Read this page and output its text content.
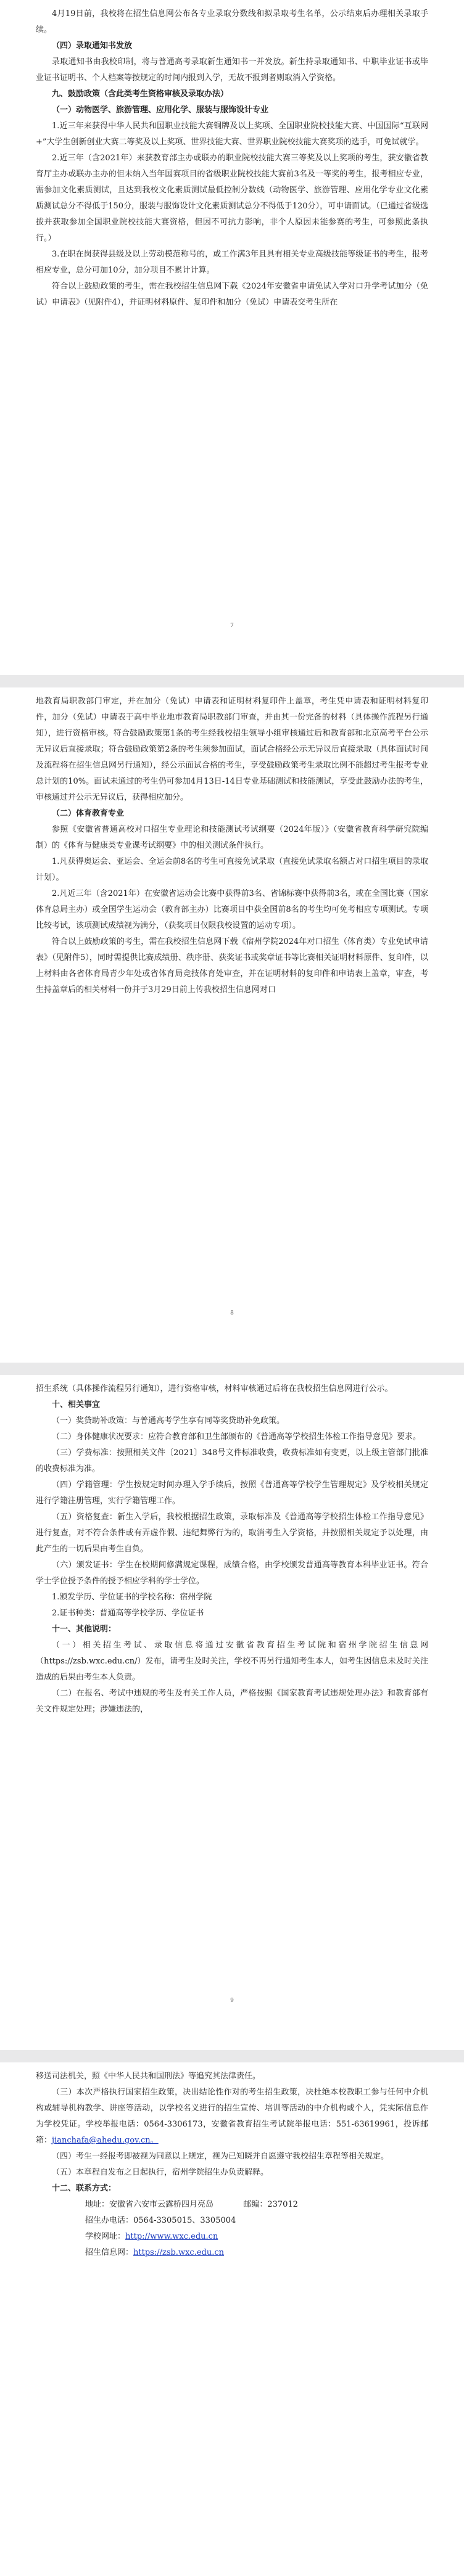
4月19日前，我校将在招生信息网公布各专业录取分数线和拟录取考生名单，公示结束后办理相关录取手续。

（四）录取通知书发放

录取通知书由我校印制，将与普通高考录取新生通知书一并发放。新生持录取通知书、中职毕业证书或毕业证书证明书、个人档案等按规定的时间内报到入学，无故不报到者则取消入学资格。

九、鼓励政策（含此类考生资格审核及录取办法）

（一）动物医学、旅游管理、应用化学、服装与服饰设计专业

1.近三年来获得中华人民共和国职业技能大赛铜牌及以上奖项、全国职业院校技能大赛、中国国际“互联网+”大学生创新创业大赛二等奖及以上奖项、世界技能大赛、世界职业院校技能大赛奖项的选手，可免试就学。

2.近三年（含2021年）来获教育部主办或联办的职业院校技能大赛三等奖及以上奖项的考生，获安徽省教育厅主办或联办主办的但未纳入当年国赛项目的省级职业院校技能大赛前3名及一等奖的考生，报考相应专业，需参加文化素质测试，且达到我校文化素质测试最低控制分数线（动物医学、旅游管理、应用化学专业文化素质测试总分不得低于150分，服装与服饰设计文化素质测试总分不得低于120分），可申请面试。（已通过省级选拔并获取参加全国职业院校技能大赛资格，但因不可抗力影响，非个人原因未能参赛的考生，可参照此条执行。）

3.在职在岗获得县级及以上劳动模范称号的，或工作满3年且具有相关专业高级技能等级证书的考生，报考相应专业，总分可加10分，加分项目不累计计算。

符合以上鼓励政策的考生，需在我校招生信息网下载《2024年安徽省申请免试入学对口升学考试加分（免试）申请表》（见附件4），并证明材料原件、复印件和加分（免试）申请表交考生所在

7

地教育局职教部门审定，并在加分（免试）申请表和证明材料复印件上盖章，考生凭申请表和证明材料复印件，加分（免试）申请表于高中毕业地市教育局职教部门审查，并由其一份完备的材料（具体操作流程另行通知），进行资格审核。符合鼓励政策第1条的考生经我校招生领导小组审核通过后和教育部和北京高考平台公示无异议后直接录取；符合鼓励政策第2条的考生须参加面试，面试合格经公示无异议后直接录取（具体面试时间及流程将在招生信息网另行通知），经公示面试合格的考生，享受鼓励政策考生录取比例不能超过考生报考专业总计划的10%。面试未通过的考生仍可参加4月13日-14日专业基础测试和技能测试，享受此鼓励办法的考生，审核通过并公示无异议后，获得相应加分。

（二）体育教育专业

参照《安徽省普通高校对口招生专业理论和技能测试考试纲要（2024年版）》（安徽省教育科学研究院编制）的《体育与健康类专业课考试纲要》中的相关测试条件执行。

1.凡获得奥运会、亚运会、全运会前8名的考生可直接免试录取（直接免试录取名额占对口招生项目的录取计划）。

2.凡近三年（含2021年）在安徽省运动会比赛中获得前3名、省锦标赛中获得前3名，或在全国比赛（国家体育总局主办）或全国学生运动会（教育部主办）比赛项目中获全国前8名的考生均可免考相应专项测试。专项比较考试，该项测试成绩视为满分，（获奖项目仅限我校设置的运动专项）。

符合以上鼓励政策的考生，需在我校招生信息网下载《宿州学院2024年对口招生（体育类）专业免试申请表》（见附件5），同时需提供比赛成绩册、秩序册、获奖证书或奖章证书等比赛相关证明材料原件、复印件，以上材料由各省体育局青少年处或省体育局竞技体育处审查，并在证明材料的复印件和申请表上盖章，审查，考生持盖章后的相关材料一份并于3月29日前上传我校招生信息网对口

8

招生系统（具体操作流程另行通知），进行资格审核，材料审核通过后将在我校招生信息网进行公示。

十、相关事宜

（一）奖贷助补政策：与普通高考学生享有同等奖贷助补免政策。

（二）身体健康状况要求：应符合教育部和卫生部颁布的《普通高等学校招生体检工作指导意见》要求。

（三）学费标准：按照相关文件〔2021〕348号文件标准收费，收费标准如有变更，以上级主管部门批准的收费标准为准。

（四）学籍管理：学生按规定时间办理入学手续后，按照《普通高等学校学生管理规定》及学校相关规定进行学籍注册管理，实行学籍管理工作。

（五）资格复查：新生入学后，我校根据招生政策，录取标准及《普通高等学校招生体检工作指导意见》进行复查，对不符合条件或有弄虚作假、违纪舞弊行为的，取消考生入学资格，并按照相关规定予以处理，由此产生的一切后果由考生自负。

（六）颁发证书：学生在校期间修满规定课程，成绩合格，由学校颁发普通高等教育本科毕业证书。符合学士学位授予条件的授予相应学科的学士学位。

1.颁发学历、学位证书的学校名称：宿州学院

2.证书种类：普通高等学校学历、学位证书

十一、其他说明：

（一）相关招生考试、录取信息将通过安徽省教育招生考试院和宿州学院招生信息网（https://zsb.wxc.edu.cn/）发布，请考生及时关注，学校不再另行通知考生本人，如考生因信息未及时关注造成的后果由考生本人负责。

（二）在报名、考试中违规的考生及有关工作人员，严格按照《国家教育考试违规处理办法》和教育部有关文件规定处理；涉嫌违法的，

9

移送司法机关，照《中华人民共和国刑法》等追究其法律责任。

（三）本次严格执行国家招生政策，决出结论性作对的考生招生政策，决杜绝本校教职工参与任何中介机构或辅导机构教学、讲座等活动，以学校名义进行的招生宣传、培训等活动的中介机构或个人，凭实际信息作为学校凭证。学校举报电话：0564-3306173，安徽省教育招生考试院举报电话：551-63619961，投诉邮箱：jianchafa@ahedu.gov.cn。

（四）考生一经报考即被视为同意以上规定，视为已知晓并自愿遵守我校招生章程等相关规定。

（五）本章程自发布之日起执行，宿州学院招生办负责解释。

十二、联系方式：

地址：安徽省六安市云露桥四月亮岛	邮编：237012

招生办电话：0564-3305015、3305004

学校网址：http://www.wxc.edu.cn

招生信息网：https://zsb.wxc.edu.cn
